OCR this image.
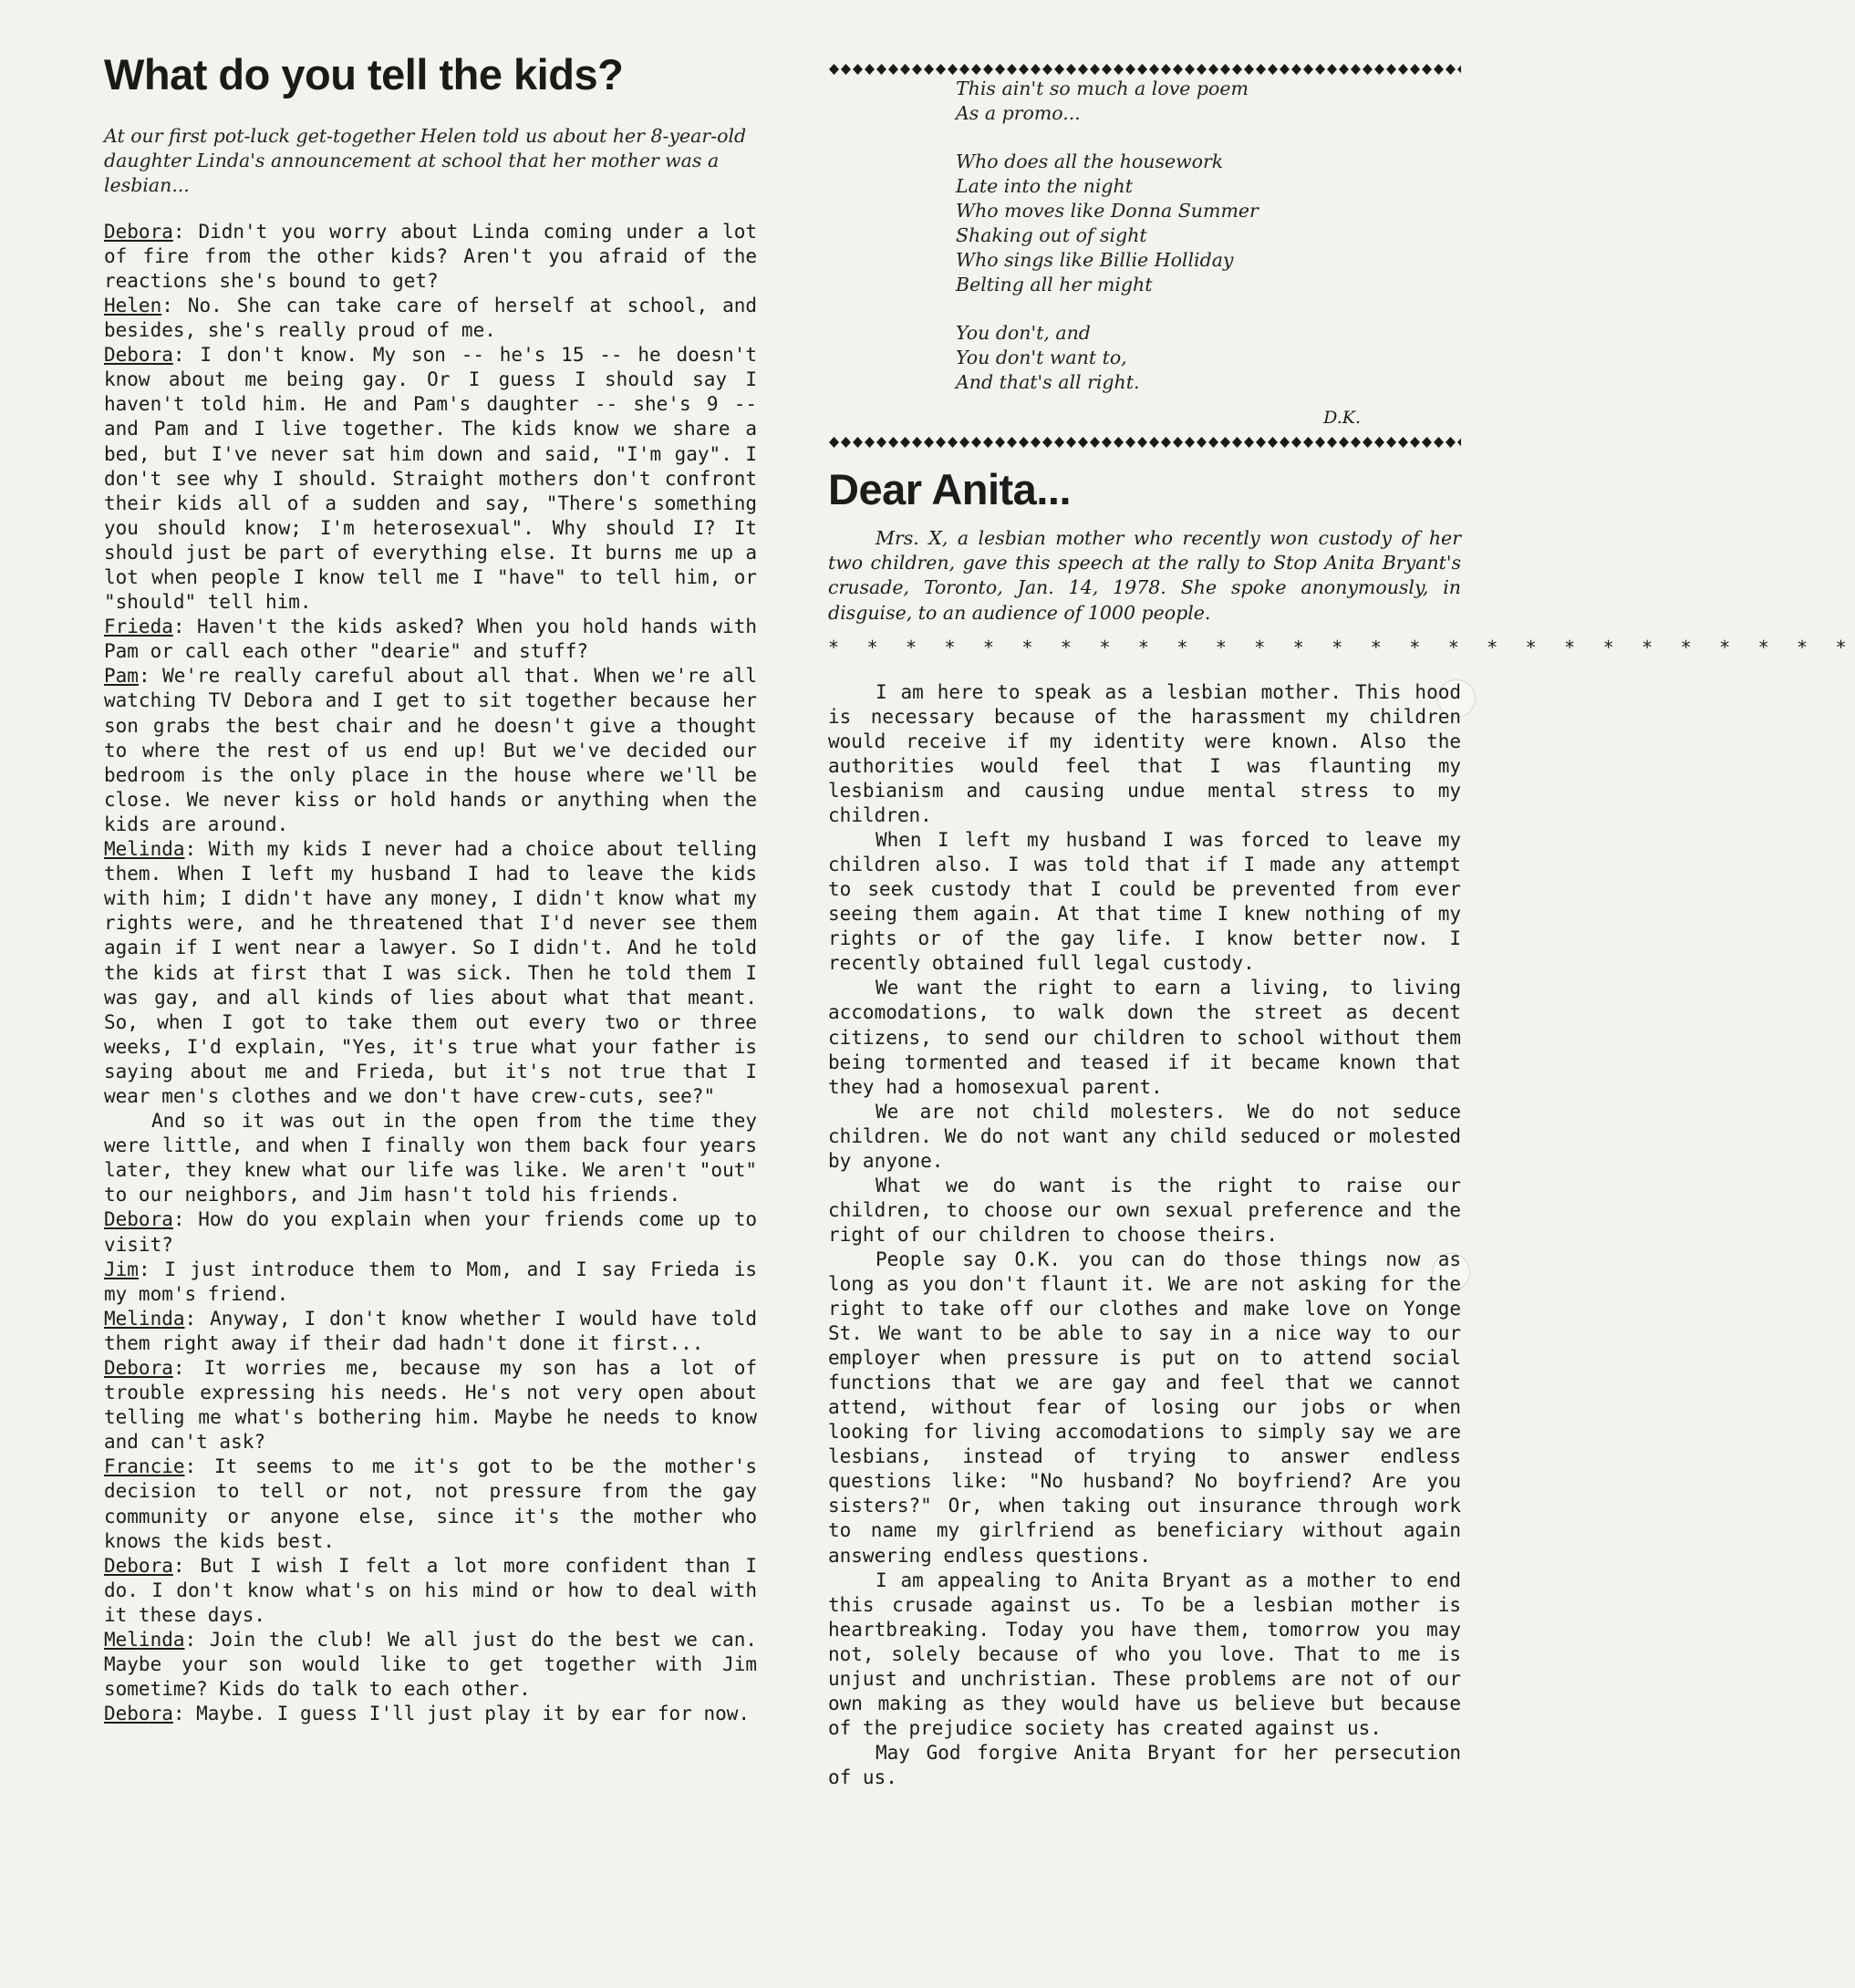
What do you tell the kids?

At our first pot-luck get-together Helen told us about her 8-year-old daughter Linda's announcement at school that her mother was a lesbian...

Debora: Didn't you worry about Linda coming under a lot of fire from the other kids? Aren't you afraid of the reactions she's bound to get?

Helen: No. She can take care of herself at school, and besides, she's really proud of me.

Debora: I don't know. My son -- he's 15 -- he doesn't know about me being gay. Or I guess I should say I haven't told him. He and Pam's daughter -- she's 9 -- and Pam and I live together. The kids know we share a bed, but I've never sat him down and said, "I'm gay". I don't see why I should. Straight mothers don't confront their kids all of a sudden and say, "There's something you should know; I'm heterosexual". Why should I? It should just be part of everything else. It burns me up a lot when people I know tell me I "have" to tell him, or "should" tell him.

Frieda: Haven't the kids asked? When you hold hands with Pam or call each other "dearie" and stuff?

Pam: We're really careful about all that. When we're all watching TV Debora and I get to sit together because her son grabs the best chair and he doesn't give a thought to where the rest of us end up! But we've decided our bedroom is the only place in the house where we'll be close. We never kiss or hold hands or anything when the kids are around.

Melinda: With my kids I never had a choice about telling them. When I left my husband I had to leave the kids with him; I didn't have any money, I didn't know what my rights were, and he threatened that I'd never see them again if I went near a lawyer. So I didn't. And he told the kids at first that I was sick. Then he told them I was gay, and all kinds of lies about what that meant. So, when I got to take them out every two or three weeks, I'd explain, "Yes, it's true what your father is saying about me and Frieda, but it's not true that I wear men's clothes and we don't have crew-cuts, see?"

And so it was out in the open from the time they were little, and when I finally won them back four years later, they knew what our life was like. We aren't "out" to our neighbors, and Jim hasn't told his friends.

Debora: How do you explain when your friends come up to visit?

Jim: I just introduce them to Mom, and I say Frieda is my mom's friend.

Melinda: Anyway, I don't know whether I would have told them right away if their dad hadn't done it first...

Debora: It worries me, because my son has a lot of trouble expressing his needs. He's not very open about telling me what's bothering him. Maybe he needs to know and can't ask?

Francie: It seems to me it's got to be the mother's decision to tell or not, not pressure from the gay community or anyone else, since it's the mother who knows the kids best.

Debora: But I wish I felt a lot more confident than I do. I don't know what's on his mind or how to deal with it these days.

Melinda: Join the club! We all just do the best we can. Maybe your son would like to get together with Jim sometime? Kids do talk to each other.

Debora: Maybe. I guess I'll just play it by ear for now.

This ain't so much a love poem
As a promo...
Who does all the housework
Late into the night
Who moves like Donna Summer
Shaking out of sight
Who sings like Billie Holliday
Belting all her might
You don't, and
You don't want to,
And that's all right.
D.K.
Dear Anita...

Mrs. X, a lesbian mother who recently won custody of her two children, gave this speech at the rally to Stop Anita Bryant's crusade, Toronto, Jan. 14, 1978. She spoke anonymously, in disguise, to an audience of 1000 people.

* * * * * * * * * * * * * * * * * * * * * * * * * * *

I am here to speak as a lesbian mother. This hood is necessary because of the harassment my children would receive if my identity were known. Also the authorities would feel that I was flaunting my lesbianism and causing undue mental stress to my children.

When I left my husband I was forced to leave my children also. I was told that if I made any attempt to seek custody that I could be prevented from ever seeing them again. At that time I knew nothing of my rights or of the gay life. I know better now. I recently obtained full legal custody.

We want the right to earn a living, to living accomodations, to walk down the street as decent citizens, to send our children to school without them being tormented and teased if it became known that they had a homosexual parent.

We are not child molesters. We do not seduce children. We do not want any child seduced or molested by anyone.

What we do want is the right to raise our children, to choose our own sexual preference and the right of our children to choose theirs.

People say O.K. you can do those things now as long as you don't flaunt it. We are not asking for the right to take off our clothes and make love on Yonge St. We want to be able to say in a nice way to our employer when pressure is put on to attend social functions that we are gay and feel that we cannot attend, without fear of losing our jobs or when looking for living accomodations to simply say we are lesbians, instead of trying to answer endless questions like: "No husband? No boyfriend? Are you sisters?" Or, when taking out insurance through work to name my girlfriend as beneficiary without again answering endless questions.

I am appealing to Anita Bryant as a mother to end this crusade against us. To be a lesbian mother is heartbreaking. Today you have them, tomorrow you may not, solely because of who you love. That to me is unjust and unchristian. These problems are not of our own making as they would have us believe but because of the prejudice society has created against us.

May God forgive Anita Bryant for her persecution of us.
